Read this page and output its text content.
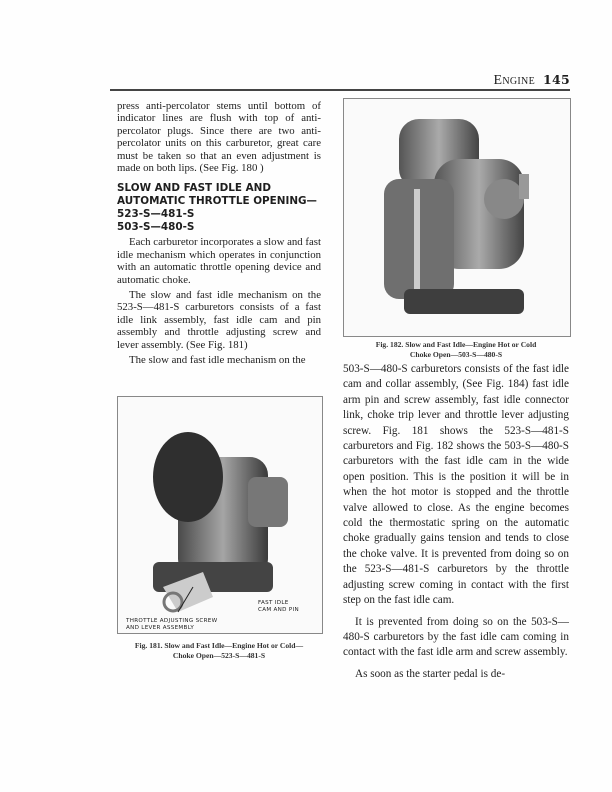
Engine 145

press anti-percolator stems until bottom of indicator lines are flush with top of anti-percolator plugs. Since there are two anti-percolator units on this carburetor, great care must be taken so that an even adjustment is made on both lips. (See Fig. 180 )

SLOW AND FAST IDLE AND
AUTOMATIC THROTTLE OPENING—
523-S—481-S
503-S—480-S

Each carburetor incorporates a slow and fast idle mechanism which operates in conjunction with an automatic throttle opening device and automatic choke.

The slow and fast idle mechanism on the 523-S—481-S carburetors consists of a fast idle link assembly, fast idle cam and pin assembly and throttle adjusting screw and lever assembly. (See Fig. 181)

The slow and fast idle mechanism on the

Fig. 182. Slow and Fast Idle—Engine Hot or Cold
Choke Open—503-S—480-S
FAST IDLE
CAM AND PIN
THROTTLE ADJUSTING SCREW
AND LEVER ASSEMBLY
Fig. 181. Slow and Fast Idle—Engine Hot or Cold—
Choke Open—523-S—481-S

503-S—480-S carburetors consists of the fast idle cam and collar assembly, (See Fig. 184) fast idle arm pin and screw assembly, fast idle connector link, choke trip lever and throttle lever adjusting screw. Fig. 181 shows the 523-S—481-S carburetors and Fig. 182 shows the 503-S—480-S carburetors with the fast idle cam in the wide open position. This is the position it will be in when the hot motor is stopped and the throttle valve allowed to close. As the engine becomes cold the thermostatic spring on the automatic choke gradually gains tension and tends to close the choke valve. It is prevented from doing so on the 523-S—481-S carburetors by the throttle adjusting screw coming in contact with the first step on the fast idle cam.

It is prevented from doing so on the 503-S—480-S carburetors by the fast idle cam coming in contact with the fast idle arm and screw assembly.

As soon as the starter pedal is de-
